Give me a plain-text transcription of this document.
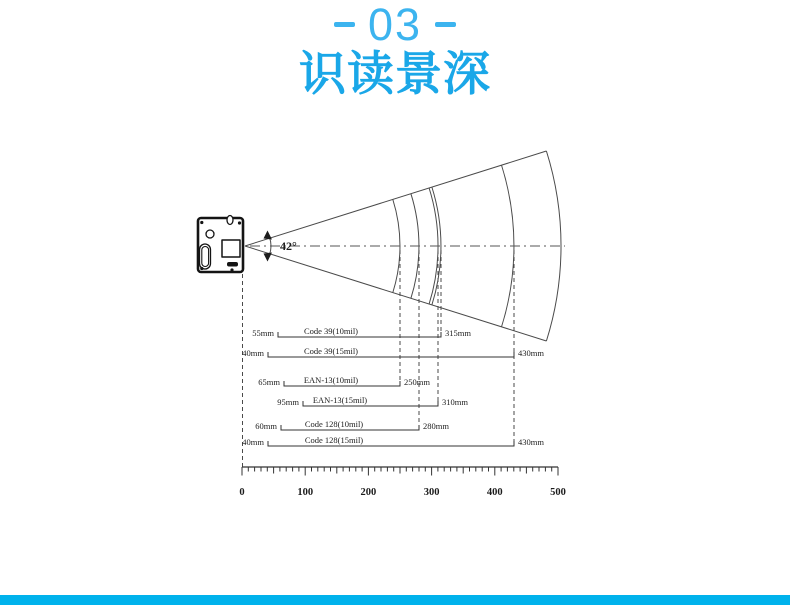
03
识读景深
42°
55mm	Code 39(10mil)	315mm
40mm	Code 39(15mil)	430mm
65mm	EAN-13(10mil)	250mm
95mm EAN-13(15mil)	310mm
60mm	Code 128(10mil)	280mm
40mm	Code 128(15mil)	430mm
0	100	200	300	400	500
